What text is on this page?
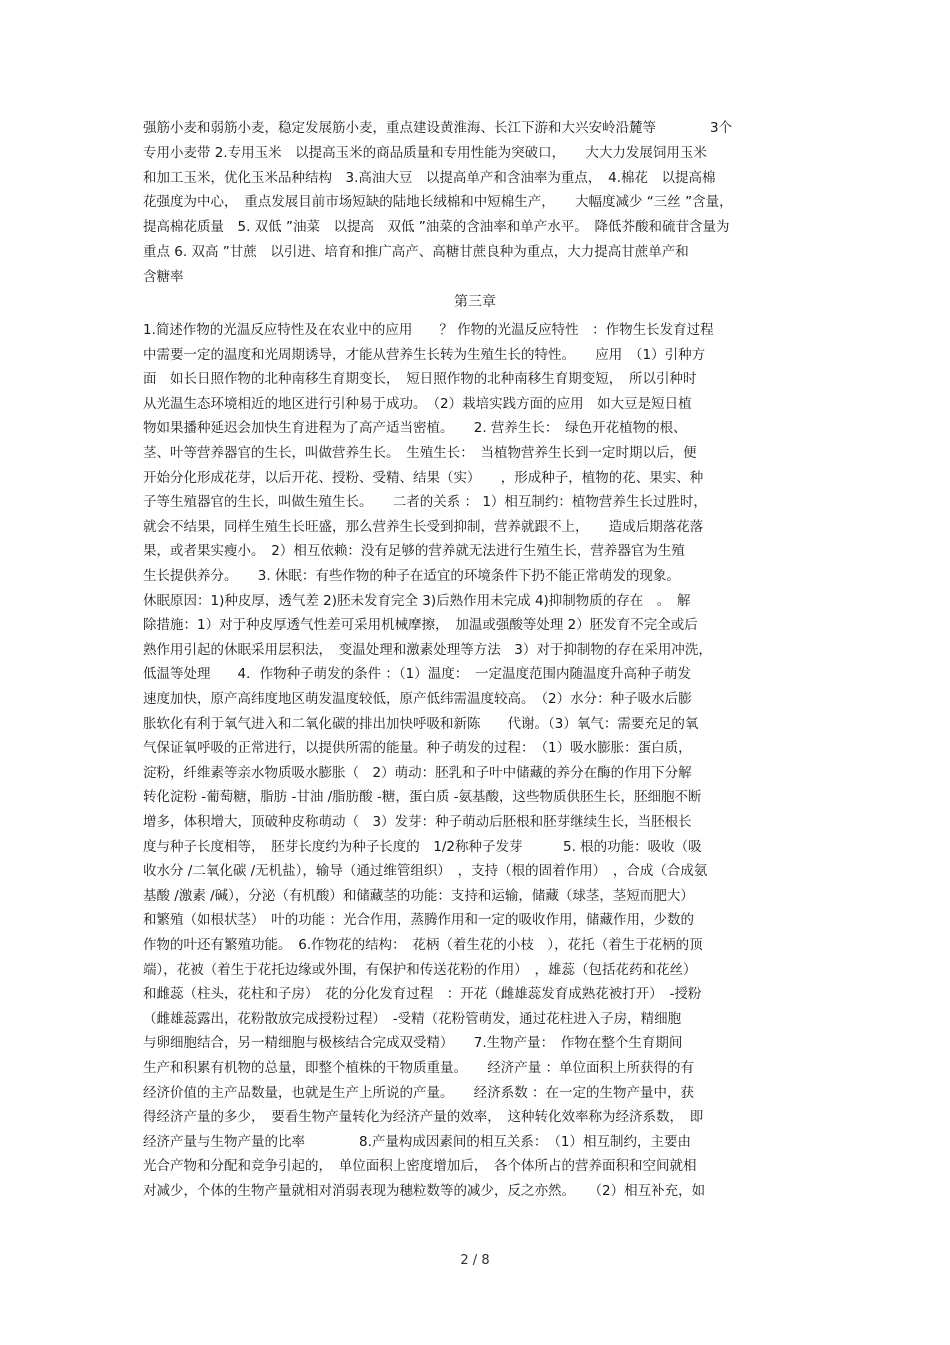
强筋小麦和弱筋小麦，稳定发展筋小麦，重点建设黄淮海、长江下游和大兴安岭沿麓等　　　　3个
专用小麦带 2.专用玉米　以提高玉米的商品质量和专用性能为突破口，　　大大力发展饲用玉米
和加工玉米，优化玉米品种结构　3.高油大豆　以提高单产和含油率为重点，　4.棉花　以提高棉
花强度为中心，　重点发展目前市场短缺的陆地长绒棉和中短棉生产，　　大幅度减少 “三丝 ”含量，
提高棉花质量　5. 双低 ”油菜　以提高　双低 ”油菜的含油率和单产水平。　降低芥酸和硫苷含量为
重点 6. 双高 ”甘蔗　以引进、培育和推广高产、高糖甘蔗良种为重点，大力提高甘蔗单产和
含糖率
第三章
1.简述作物的光温反应特性及在农业中的应用　　？ 作物的光温反应特性　：作物生长发育过程
中需要一定的温度和光周期诱导，才能从营养生长转为生殖生长的特性。　　应用　（1）引种方
面　如长日照作物的北种南移生育期变长，　短日照作物的北种南移生育期变短，　所以引种时
从光温生态环境相近的地区进行引种易于成功。　（2）栽培实践方面的应用　如大豆是短日植
物如果播种延迟会加快生育进程为了高产适当密植。　　2. 营养生长：　绿色开花植物的根、
茎、叶等营养器官的生长，叫做营养生长。　生殖生长：　当植物营养生长到一定时期以后，便
开始分化形成花芽，以后开花、授粉、受精、结果（实）　　，形成种子，植物的花、果实、种
子等生殖器官的生长，叫做生殖生长。　　二者的关系 ： 1）相互制约：植物营养生长过胜时，
就会不结果，同样生殖生长旺盛，那么营养生长受到抑制，营养就跟不上，　　造成后期落花落
果，或者果实瘦小。　2）相互依赖：没有足够的营养就无法进行生殖生长，营养器官为生殖
生长提供养分。　　3. 休眠：有些作物的种子在适宜的环境条件下扔不能正常萌发的现象。
休眠原因：1)种皮厚，透气差 2)胚未发育完全 3)后熟作用未完成 4)抑制物质的存在　。　解
除措施：1）对于种皮厚透气性差可采用机械摩擦，　加温或强酸等处理 2）胚发育不完全或后
熟作用引起的休眠采用层积法，　变温处理和激素处理等方法　3）对于抑制物的存在采用冲洗，
低温等处理　　4．作物种子萌发的条件 ：（1）温度：　一定温度范围内随温度升高种子萌发
速度加快，原产高纬度地区萌发温度较低，原产低纬需温度较高。　（2）水分：种子吸水后膨
胀软化有利于氧气进入和二氧化碳的排出加快呼吸和新陈　　代谢。（3）氧气：需要充足的氧
气保证氧呼吸的正常进行，以提供所需的能量。种子萌发的过程：　（1）吸水膨胀：蛋白质，
淀粉，纤维素等亲水物质吸水膨胀（　2）萌动：胚乳和子叶中储藏的养分在酶的作用下分解
转化淀粉 -葡萄糖，脂肪 -甘油 /脂肪酸 -糖，蛋白质 -氨基酸，这些物质供胚生长，胚细胞不断
增多，体积增大，顶破种皮称萌动（　3）发芽：种子萌动后胚根和胚芽继续生长，当胚根长
度与种子长度相等，　胚芽长度约为种子长度的　1/2称种子发芽　　　5. 根的功能：吸收（吸
收水分 /二氧化碳 /无机盐），输导（通过维管组织）　，支持（根的固着作用）　，合成（合成氨
基酸 /激素 /碱），分泌（有机酸）和储藏茎的功能：支持和运输，储藏（球茎，茎短而肥大）
和繁殖（如根状茎）　叶的功能 ：光合作用，蒸腾作用和一定的吸收作用，储藏作用，少数的
作物的叶还有繁殖功能。　6.作物花的结构：　花柄（着生花的小枝　），花托（着生于花柄的顶
端），花被（着生于花托边缘或外围，有保护和传送花粉的作用）　，雄蕊（包括花药和花丝）
和雌蕊（柱头，花柱和子房）　花的分化发育过程　：开花（雌雄蕊发育成熟花被打开）　-授粉
（雌雄蕊露出，花粉散放完成授粉过程）　-受精（花粉管萌发，通过花柱进入子房，精细胞
与卵细胞结合，另一精细胞与极核结合完成双受精）　　7.生物产量：　作物在整个生育期间
生产和积累有机物的总量，即整个植株的干物质重量。　　经济产量 ：单位面积上所获得的有
经济价值的主产品数量，也就是生产上所说的产量。　　经济系数 ：在一定的生物产量中，获
得经济产量的多少，　要看生物产量转化为经济产量的效率，　这种转化效率称为经济系数，　即
经济产量与生物产量的比率　　　　8.产量构成因素间的相互关系：　（1）相互制约，主要由
光合产物和分配和竞争引起的，　单位面积上密度增加后，　各个体所占的营养面积和空间就相
对减少，个体的生物产量就相对消弱表现为穗粒数等的减少，反之亦然。　　（2）相互补充，如
2 / 8
